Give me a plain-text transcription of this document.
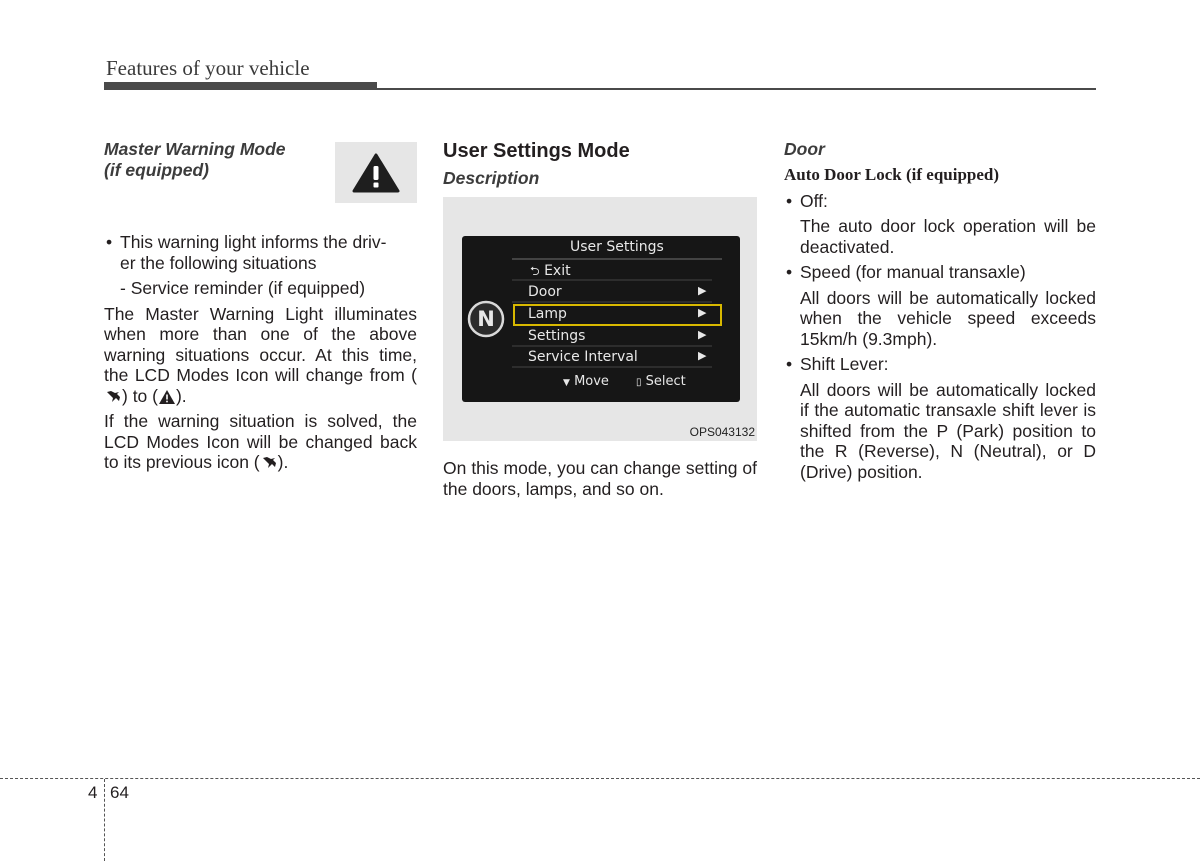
Features of your vehicle
Master Warning Mode
(if equipped)
• This warning light informs the driv-
er the following situations
- Service reminder (if equipped)

The Master Warning Light illuminates when more than one of the above warning situations occur. At this time, the LCD Modes Icon will change from () to ( ).

If the warning situation is solved, the LCD Modes Icon will be changed back to its previous icon ( ).

User Settings Mode
Description
N
User Settings
⮌ Exit
Door	▶
Lamp	▶
Settings	▶
Service Interval	▶
▼ Move	▯ Select
OPS043132

On this mode, you can change setting of the doors, lamps, and so on.

Door
Auto Door Lock (if equipped)
• Off:

The auto door lock operation will be deactivated.

• Speed (for manual transaxle)

All doors will be automatically locked when the vehicle speed exceeds 15km/h (9.3mph).

• Shift Lever:

All doors will be automatically locked if the automatic transaxle shift lever is shifted from the P (Park) position to the R (Reverse), N (Neutral), or D (Drive) position.

4 64
